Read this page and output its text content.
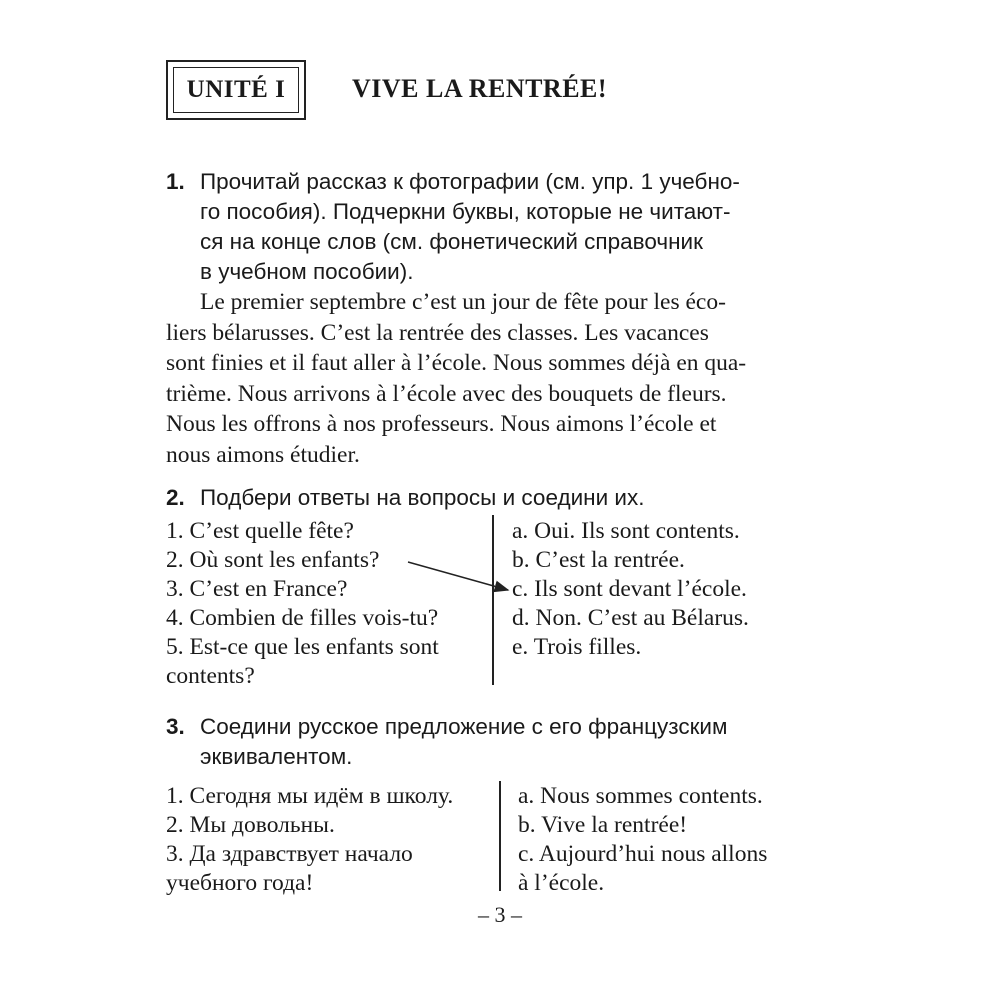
UNITÉ I	VIVE LA RENTRÉE!
1. Прочитай рассказ к фотографии (см. упр. 1 учебно-
го пособия). Подчеркни буквы, которые не читают-
ся на конце слов (см. фонетический справочник
в учебном пособии).
Le premier septembre c’est un jour de fête pour les éco-
liers bélarusses. C’est la rentrée des classes. Les vacances
sont finies et il faut aller à l’école. Nous sommes déjà en qua-
trième. Nous arrivons à l’école avec des bouquets de fleurs.
Nous les offrons à nos professeurs. Nous aimons l’école et
nous aimons étudier.
2. Подбери ответы на вопросы и соедини их.
1. C’est quelle fête?
2. Où sont les enfants?
3. C’est en France?
4. Combien de filles vois-tu?
5. Est-ce que les enfants sont
contents?
a. Oui. Ils sont contents.
b. C’est la rentrée.
c. Ils sont devant l’école.
d. Non. C’est au Bélarus.
e. Trois filles.
3. Соедини русское предложение с его французским
эквивалентом.
1. Сегодня мы идём в школу.
2. Мы довольны.
3. Да здравствует начало
учебного года!
a. Nous sommes contents.
b. Vive la rentrée!
c. Aujourd’hui nous allons
à l’école.
– 3 –
